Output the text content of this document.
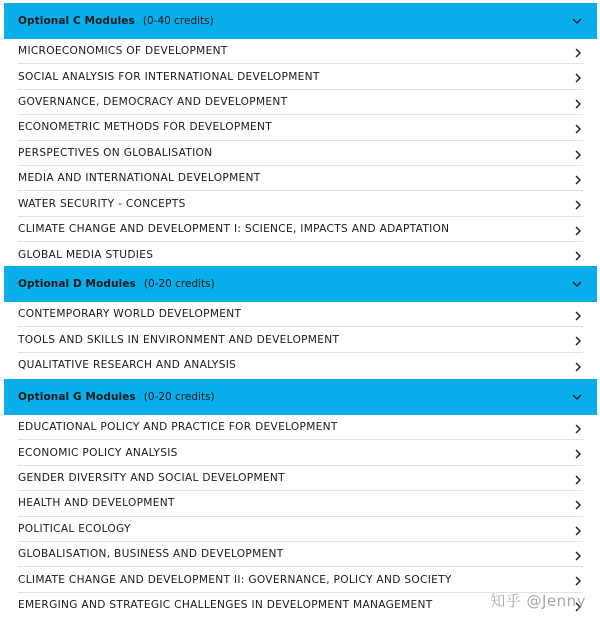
Optional C Modules (0-40 credits)
MICROECONOMICS OF DEVELOPMENT
SOCIAL ANALYSIS FOR INTERNATIONAL DEVELOPMENT
GOVERNANCE, DEMOCRACY AND DEVELOPMENT
ECONOMETRIC METHODS FOR DEVELOPMENT
PERSPECTIVES ON GLOBALISATION
MEDIA AND INTERNATIONAL DEVELOPMENT
WATER SECURITY - CONCEPTS
CLIMATE CHANGE AND DEVELOPMENT I: SCIENCE, IMPACTS AND ADAPTATION
GLOBAL MEDIA STUDIES
Optional D Modules (0-20 credits)
CONTEMPORARY WORLD DEVELOPMENT
TOOLS AND SKILLS IN ENVIRONMENT AND DEVELOPMENT
QUALITATIVE RESEARCH AND ANALYSIS
Optional G Modules (0-20 credits)
EDUCATIONAL POLICY AND PRACTICE FOR DEVELOPMENT
ECONOMIC POLICY ANALYSIS
GENDER DIVERSITY AND SOCIAL DEVELOPMENT
HEALTH AND DEVELOPMENT
POLITICAL ECOLOGY
GLOBALISATION, BUSINESS AND DEVELOPMENT
CLIMATE CHANGE AND DEVELOPMENT II: GOVERNANCE, POLICY AND SOCIETY
EMERGING AND STRATEGIC CHALLENGES IN DEVELOPMENT MANAGEMENT	知乎 @Jenny
